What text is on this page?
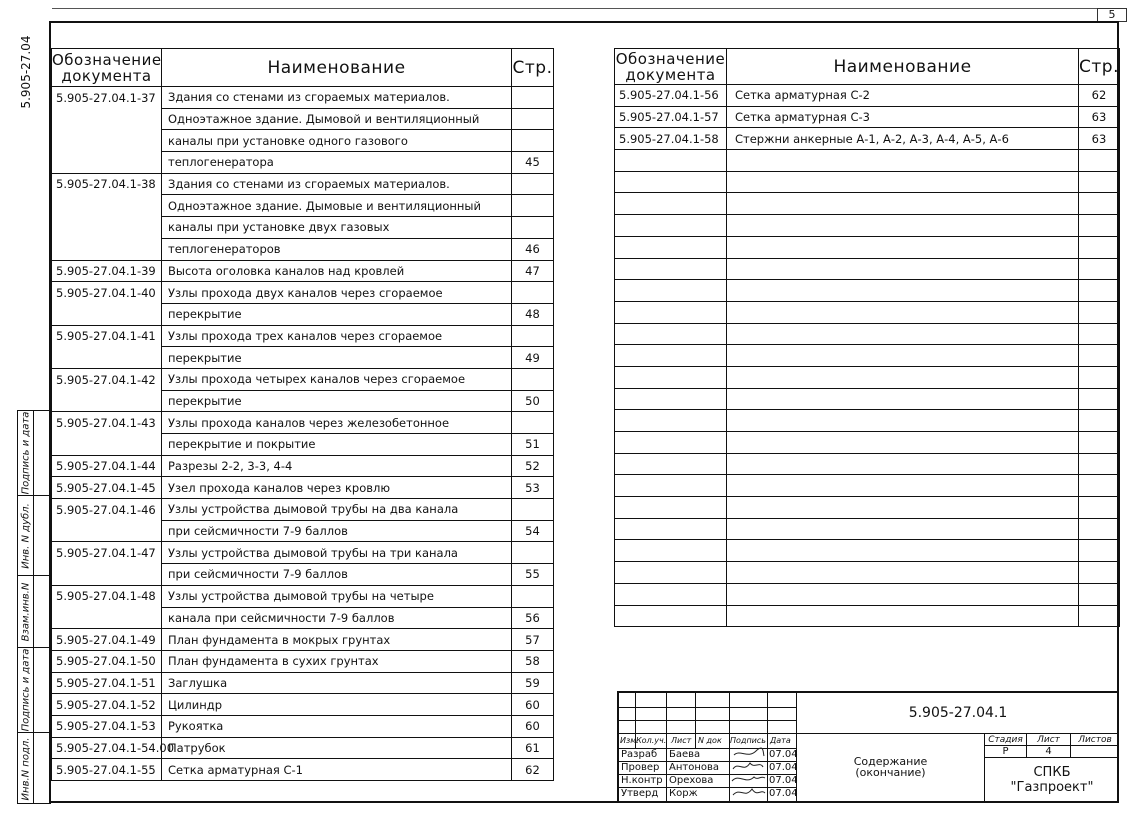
5
5.905-27.04
Подпись и дата
Инв. N дубл.
Взам.инв.N
Подпись и дата
Инв.N подл.
Обозначение документа	Наименование	Стр.
5.905-27.04.1-37	Здания со стенами из сгораемых материалов.	
	Одноэтажное здание. Дымовой и вентиляционный	
	каналы при установке одного газового	
	теплогенератора	45
5.905-27.04.1-38	Здания со стенами из сгораемых материалов.	
	Одноэтажное здание. Дымовые и вентиляционный	
	каналы при установке двух газовых	
	теплогенераторов	46
5.905-27.04.1-39	Высота оголовка каналов над кровлей	47
5.905-27.04.1-40	Узлы прохода двух каналов через сгораемое	
	перекрытие	48
5.905-27.04.1-41	Узлы прохода трех каналов через сгораемое	
	перекрытие	49
5.905-27.04.1-42	Узлы прохода четырех каналов через сгораемое	
	перекрытие	50
5.905-27.04.1-43	Узлы прохода каналов через железобетонное	
	перекрытие и покрытие	51
5.905-27.04.1-44	Разрезы 2-2, 3-3, 4-4	52
5.905-27.04.1-45	Узел прохода каналов через кровлю	53
5.905-27.04.1-46	Узлы устройства дымовой трубы на два канала	
	при сейсмичности 7-9 баллов	54
5.905-27.04.1-47	Узлы устройства дымовой трубы на три канала	
	при сейсмичности 7-9 баллов	55
5.905-27.04.1-48	Узлы устройства дымовой трубы на четыре	
	канала при сейсмичности 7-9 баллов	56
5.905-27.04.1-49	План фундамента в мокрых грунтах	57
5.905-27.04.1-50	План фундамента в сухих грунтах	58
5.905-27.04.1-51	Заглушка	59
5.905-27.04.1-52	Цилиндр	60
5.905-27.04.1-53	Рукоятка	60
5.905-27.04.1-54.00	Патрубок	61
5.905-27.04.1-55	Сетка арматурная С-1	62
Обозначение документа	Наименование	Стр.
5.905-27.04.1-56	Сетка арматурная С-2	62
5.905-27.04.1-57	Сетка арматурная С-3	63
5.905-27.04.1-58	Стержни анкерные А-1, А-2, А-3, А-4, А-5, А-6	63

Изм.
Кол.уч. Лист N док Подпись Дата
Разраб Баева	07.04
Провер Антонова	07.04
Н.контр Орехова	07.04
Утверд Корж	07.04
5.905-27.04.1
Содержание
(окончание)
Стадия	Лист	Листов
Р	4
СПКБ
"Газпроект"
